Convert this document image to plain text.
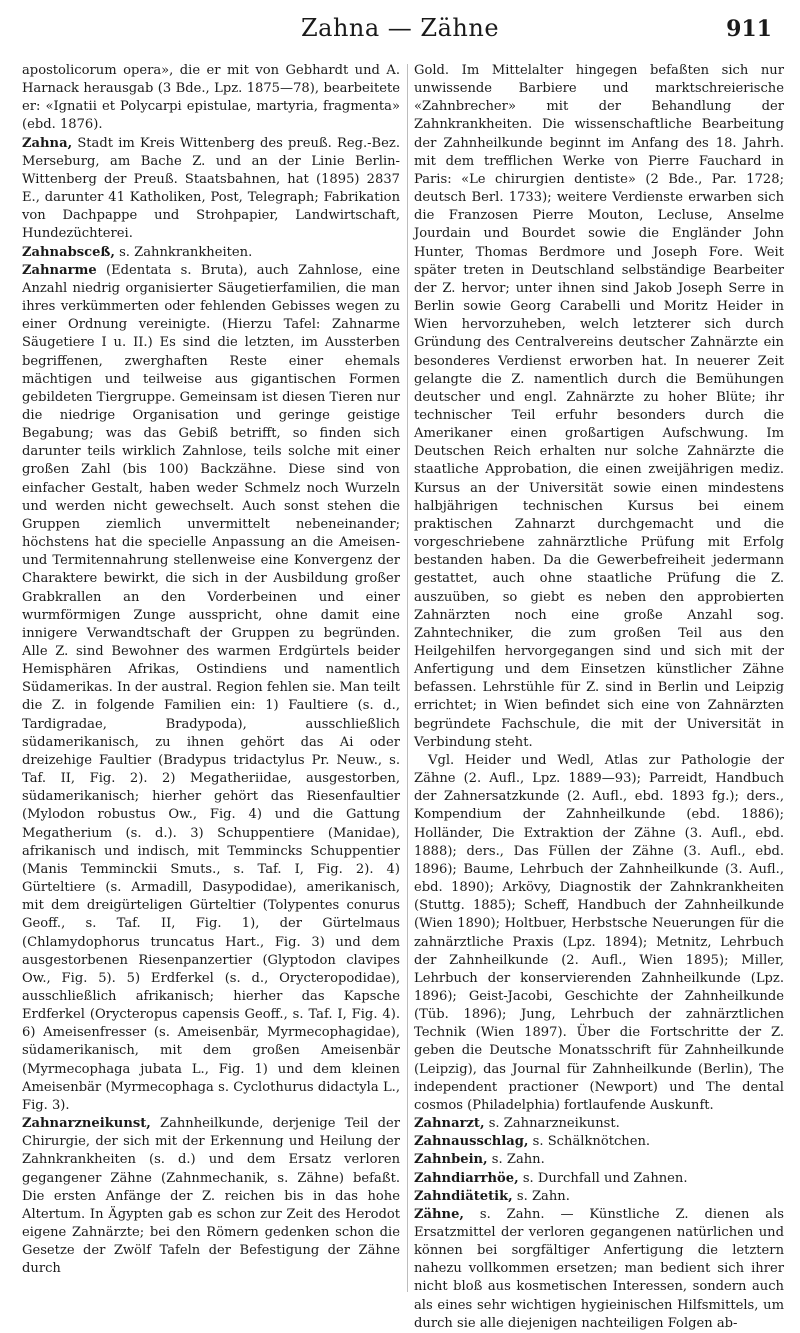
Zahna — Zähne	911

apostolicorum opera», die er mit von Gebhardt und A. Harnack herausgab (3 Bde., Lpz. 1875—78), bearbeitete er: «Ignatii et Polycarpi epistulae, martyria, fragmenta» (ebd. 1876).

Zahna, Stadt im Kreis Wittenberg des preuß. Reg.-Bez. Merseburg, am Bache Z. und an der Linie Berlin-Wittenberg der Preuß. Staatsbahnen, hat (1895) 2837 E., darunter 41 Katholiken, Post, Telegraph; Fabrikation von Dachpappe und Strohpapier, Landwirtschaft, Hundezüchterei.

Zahnabsceß, s. Zahnkrankheiten.

Zahnarme (Edentata s. Bruta), auch Zahnlose, eine Anzahl niedrig organisierter Säugetierfamilien, die man ihres verkümmerten oder fehlenden Gebisses wegen zu einer Ordnung vereinigte. (Hierzu Tafel: Zahnarme Säugetiere I u. II.) Es sind die letzten, im Aussterben begriffenen, zwerghaften Reste einer ehemals mächtigen und teilweise aus gigantischen Formen gebildeten Tiergruppe. Gemeinsam ist diesen Tieren nur die niedrige Organisation und geringe geistige Begabung; was das Gebiß betrifft, so finden sich darunter teils wirklich Zahnlose, teils solche mit einer großen Zahl (bis 100) Backzähne. Diese sind von einfacher Gestalt, haben weder Schmelz noch Wurzeln und werden nicht gewechselt. Auch sonst stehen die Gruppen ziemlich unvermittelt nebeneinander; höchstens hat die specielle Anpassung an die Ameisen- und Termitennahrung stellenweise eine Konvergenz der Charaktere bewirkt, die sich in der Ausbildung großer Grabkrallen an den Vorderbeinen und einer wurmförmigen Zunge ausspricht, ohne damit eine innigere Verwandtschaft der Gruppen zu begründen. Alle Z. sind Bewohner des warmen Erdgürtels beider Hemisphären Afrikas, Ostindiens und namentlich Südamerikas. In der austral. Region fehlen sie. Man teilt die Z. in folgende Familien ein: 1) Faultiere (s. d., Tardigradae, Bradypoda), ausschließlich südamerikanisch, zu ihnen gehört das Ai oder dreizehige Faultier (Bradypus tridactylus Pr. Neuw., s. Taf. II, Fig. 2). 2) Megatheriidae, ausgestorben, südamerikanisch; hierher gehört das Riesenfaultier (Mylodon robustus Ow., Fig. 4) und die Gattung Megatherium (s. d.). 3) Schuppentiere (Manidae), afrikanisch und indisch, mit Temmincks Schuppentier (Manis Temminckii Smuts., s. Taf. I, Fig. 2). 4) Gürteltiere (s. Armadill, Dasypodidae), amerikanisch, mit dem dreigürteligen Gürteltier (Tolypentes conurus Geoff., s. Taf. II, Fig. 1), der Gürtelmaus (Chlamydophorus truncatus Hart., Fig. 3) und dem ausgestorbenen Riesenpanzertier (Glyptodon clavipes Ow., Fig. 5). 5) Erdferkel (s. d., Orycteropodidae), ausschließlich afrikanisch; hierher das Kapsche Erdferkel (Orycteropus capensis Geoff., s. Taf. I, Fig. 4). 6) Ameisenfresser (s. Ameisenbär, Myrmecophagidae), südamerikanisch, mit dem großen Ameisenbär (Myrmecophaga jubata L., Fig. 1) und dem kleinen Ameisenbär (Myrmecophaga s. Cyclothurus didactyla L., Fig. 3).

Zahnarzneikunst, Zahnheilkunde, derjenige Teil der Chirurgie, der sich mit der Erkennung und Heilung der Zahnkrankheiten (s. d.) und dem Ersatz verloren gegangener Zähne (Zahnmechanik, s. Zähne) befaßt. Die ersten Anfänge der Z. reichen bis in das hohe Altertum. In Ägypten gab es schon zur Zeit des Herodot eigene Zahnärzte; bei den Römern gedenken schon die Gesetze der Zwölf Tafeln der Befestigung der Zähne durch

Gold. Im Mittelalter hingegen befaßten sich nur unwissende Barbiere und marktschreierische «Zahnbrecher» mit der Behandlung der Zahnkrankheiten. Die wissenschaftliche Bearbeitung der Zahnheilkunde beginnt im Anfang des 18. Jahrh. mit dem trefflichen Werke von Pierre Fauchard in Paris: «Le chirurgien dentiste» (2 Bde., Par. 1728; deutsch Berl. 1733); weitere Verdienste erwarben sich die Franzosen Pierre Mouton, Lecluse, Anselme Jourdain und Bourdet sowie die Engländer John Hunter, Thomas Berdmore und Joseph Fore. Weit später treten in Deutschland selbständige Bearbeiter der Z. hervor; unter ihnen sind Jakob Joseph Serre in Berlin sowie Georg Carabelli und Moritz Heider in Wien hervorzuheben, welch letzterer sich durch Gründung des Centralvereins deutscher Zahnärzte ein besonderes Verdienst erworben hat. In neuerer Zeit gelangte die Z. namentlich durch die Bemühungen deutscher und engl. Zahnärzte zu hoher Blüte; ihr technischer Teil erfuhr besonders durch die Amerikaner einen großartigen Aufschwung. Im Deutschen Reich erhalten nur solche Zahnärzte die staatliche Approbation, die einen zweijährigen mediz. Kursus an der Universität sowie einen mindestens halbjährigen technischen Kursus bei einem praktischen Zahnarzt durchgemacht und die vorgeschriebene zahnärztliche Prüfung mit Erfolg bestanden haben. Da die Gewerbefreiheit jedermann gestattet, auch ohne staatliche Prüfung die Z. auszuüben, so giebt es neben den approbierten Zahnärzten noch eine große Anzahl sog. Zahntechniker, die zum großen Teil aus den Heilgehilfen hervorgegangen sind und sich mit der Anfertigung und dem Einsetzen künstlicher Zähne befassen. Lehrstühle für Z. sind in Berlin und Leipzig errichtet; in Wien befindet sich eine von Zahnärzten begründete Fachschule, die mit der Universität in Verbindung steht.

Vgl. Heider und Wedl, Atlas zur Pathologie der Zähne (2. Aufl., Lpz. 1889—93); Parreidt, Handbuch der Zahnersatzkunde (2. Aufl., ebd. 1893 fg.); ders., Kompendium der Zahnheilkunde (ebd. 1886); Holländer, Die Extraktion der Zähne (3. Aufl., ebd. 1888); ders., Das Füllen der Zähne (3. Aufl., ebd. 1896); Baume, Lehrbuch der Zahnheilkunde (3. Aufl., ebd. 1890); Arkövy, Diagnostik der Zahnkrankheiten (Stuttg. 1885); Scheff, Handbuch der Zahnheilkunde (Wien 1890); Holtbuer, Herbstsche Neuerungen für die zahnärztliche Praxis (Lpz. 1894); Metnitz, Lehrbuch der Zahnheilkunde (2. Aufl., Wien 1895); Miller, Lehrbuch der konservierenden Zahnheilkunde (Lpz. 1896); Geist-Jacobi, Geschichte der Zahnheilkunde (Tüb. 1896); Jung, Lehrbuch der zahnärztlichen Technik (Wien 1897). Über die Fortschritte der Z. geben die Deutsche Monatsschrift für Zahnheilkunde (Leipzig), das Journal für Zahnheilkunde (Berlin), The independent practioner (Newport) und The dental cosmos (Philadelphia) fortlaufende Auskunft.

Zahnarzt, s. Zahnarzneikunst.

Zahnausschlag, s. Schälknötchen.

Zahnbein, s. Zahn.

Zahndiarrhöe, s. Durchfall und Zahnen.

Zahndiätetik, s. Zahn.

Zähne, s. Zahn. — Künstliche Z. dienen als Ersatzmittel der verloren gegangenen natürlichen und können bei sorgfältiger Anfertigung die letztern nahezu vollkommen ersetzen; man bedient sich ihrer nicht bloß aus kosmetischen Interessen, sondern auch als eines sehr wichtigen hygieinischen Hilfsmittels, um durch sie alle diejenigen nachteiligen Folgen ab-
